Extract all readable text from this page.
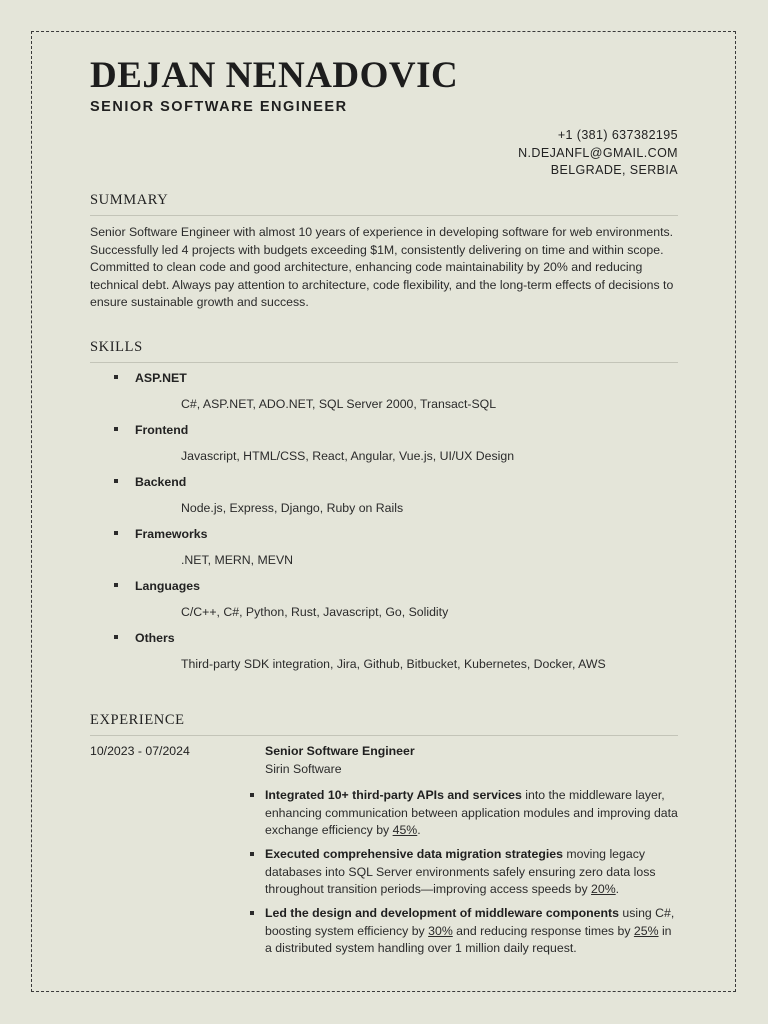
DEJAN NENADOVIC
SENIOR SOFTWARE ENGINEER
+1 (381) 637382195
N.DEJANFL@GMAIL.COM
BELGRADE, SERBIA
SUMMARY
Senior Software Engineer with almost 10 years of experience in developing software for web environments. Successfully led 4 projects with budgets exceeding $1M, consistently delivering on time and within scope. Committed to clean code and good architecture, enhancing code maintainability by 20% and reducing technical debt. Always pay attention to architecture, code flexibility, and the long-term effects of decisions to ensure sustainable growth and success.
SKILLS
ASP.NET
C#, ASP.NET, ADO.NET, SQL Server 2000, Transact-SQL
Frontend
Javascript, HTML/CSS, React, Angular, Vue.js, UI/UX Design
Backend
Node.js, Express, Django, Ruby on Rails
Frameworks
.NET, MERN, MEVN
Languages
C/C++, C#, Python, Rust, Javascript, Go, Solidity
Others
Third-party SDK integration, Jira, Github, Bitbucket, Kubernetes, Docker, AWS
EXPERIENCE
10/2023 - 07/2024	Senior Software Engineer
Sirin Software
Integrated 10+ third-party APIs and services into the middleware layer, enhancing communication between application modules and improving data exchange efficiency by 45%.
Executed comprehensive data migration strategies moving legacy databases into SQL Server environments safely ensuring zero data loss throughout transition periods—improving access speeds by 20%.
Led the design and development of middleware components using C#, boosting system efficiency by 30% and reducing response times by 25% in a distributed system handling over 1 million daily request.
